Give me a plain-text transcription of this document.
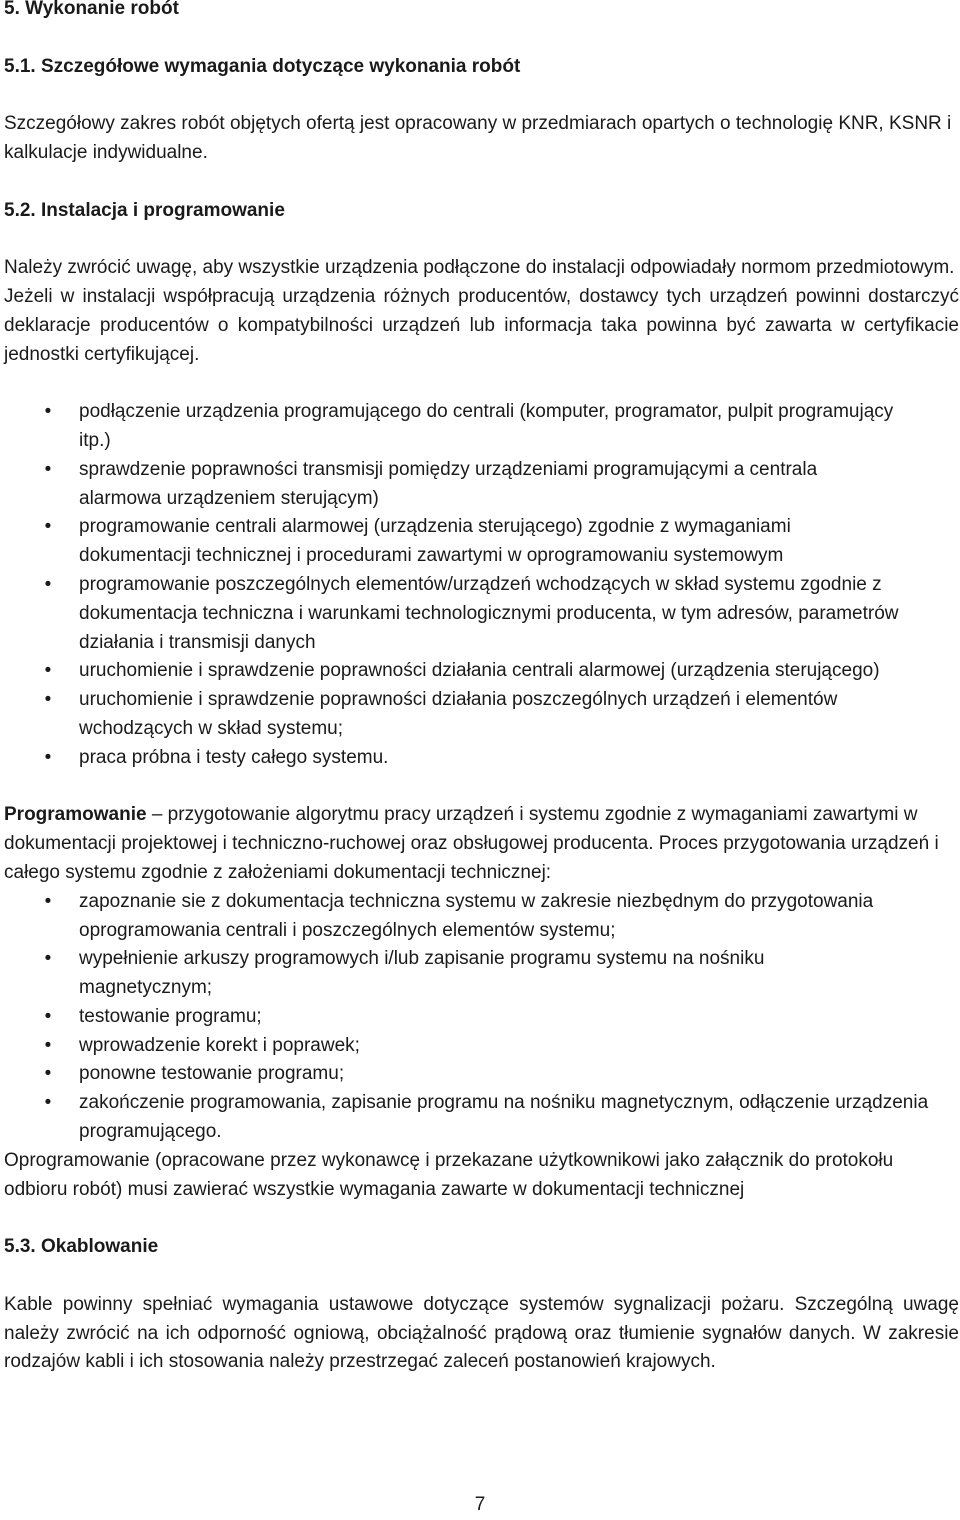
5. Wykonanie robót
5.1. Szczegółowe wymagania dotyczące wykonania robót

Szczegółowy zakres robót objętych ofertą jest opracowany w przedmiarach opartych o technologię KNR, KSNR i kalkulacje indywidualne.

5.2. Instalacja i programowanie

Należy zwrócić uwagę, aby wszystkie urządzenia podłączone do instalacji odpowiadały normom przedmiotowym.

Jeżeli w instalacji współpracują urządzenia różnych producentów, dostawcy tych urządzeń powinni dostarczyć deklaracje producentów o kompatybilności urządzeń lub informacja taka powinna być zawarta w certyfikacie jednostki certyfikującej.

• podłączenie urządzenia programującego do centrali (komputer, programator, pulpit programujący itp.)
• sprawdzenie poprawności transmisji pomiędzy urządzeniami programującymi a centrala alarmowa urządzeniem sterującym)
• programowanie centrali alarmowej (urządzenia sterującego) zgodnie z wymaganiami dokumentacji technicznej i procedurami zawartymi w oprogramowaniu systemowym
• programowanie poszczególnych elementów/urządzeń wchodzących w skład systemu zgodnie z dokumentacja techniczna i warunkami technologicznymi producenta, w tym adresów, parametrów działania i transmisji danych
• uruchomienie i sprawdzenie poprawności działania centrali alarmowej (urządzenia sterującego)
• uruchomienie i sprawdzenie poprawności działania poszczególnych urządzeń i elementów wchodzących w skład systemu;
• praca próbna i testy całego systemu.

Programowanie – przygotowanie algorytmu pracy urządzeń i systemu zgodnie z wymaganiami zawartymi w dokumentacji projektowej i techniczno-ruchowej oraz obsługowej producenta. Proces przygotowania urządzeń i całego systemu zgodnie z założeniami dokumentacji technicznej:

• zapoznanie sie z dokumentacja techniczna systemu w zakresie niezbędnym do przygotowania oprogramowania centrali i poszczególnych elementów systemu;
• wypełnienie arkuszy programowych i/lub zapisanie programu systemu na nośniku magnetycznym;
• testowanie programu;
• wprowadzenie korekt i poprawek;
• ponowne testowanie programu;
• zakończenie programowania, zapisanie programu na nośniku magnetycznym, odłączenie urządzenia programującego.

Oprogramowanie (opracowane przez wykonawcę i przekazane użytkownikowi jako załącznik do protokołu odbioru robót) musi zawierać wszystkie wymagania zawarte w dokumentacji technicznej

5.3. Okablowanie

Kable powinny spełniać wymagania ustawowe dotyczące systemów sygnalizacji pożaru. Szczególną uwagę należy zwrócić na ich odporność ogniową, obciążalność prądową oraz tłumienie sygnałów danych. W zakresie rodzajów kabli i ich stosowania należy przestrzegać zaleceń postanowień krajowych.

7
